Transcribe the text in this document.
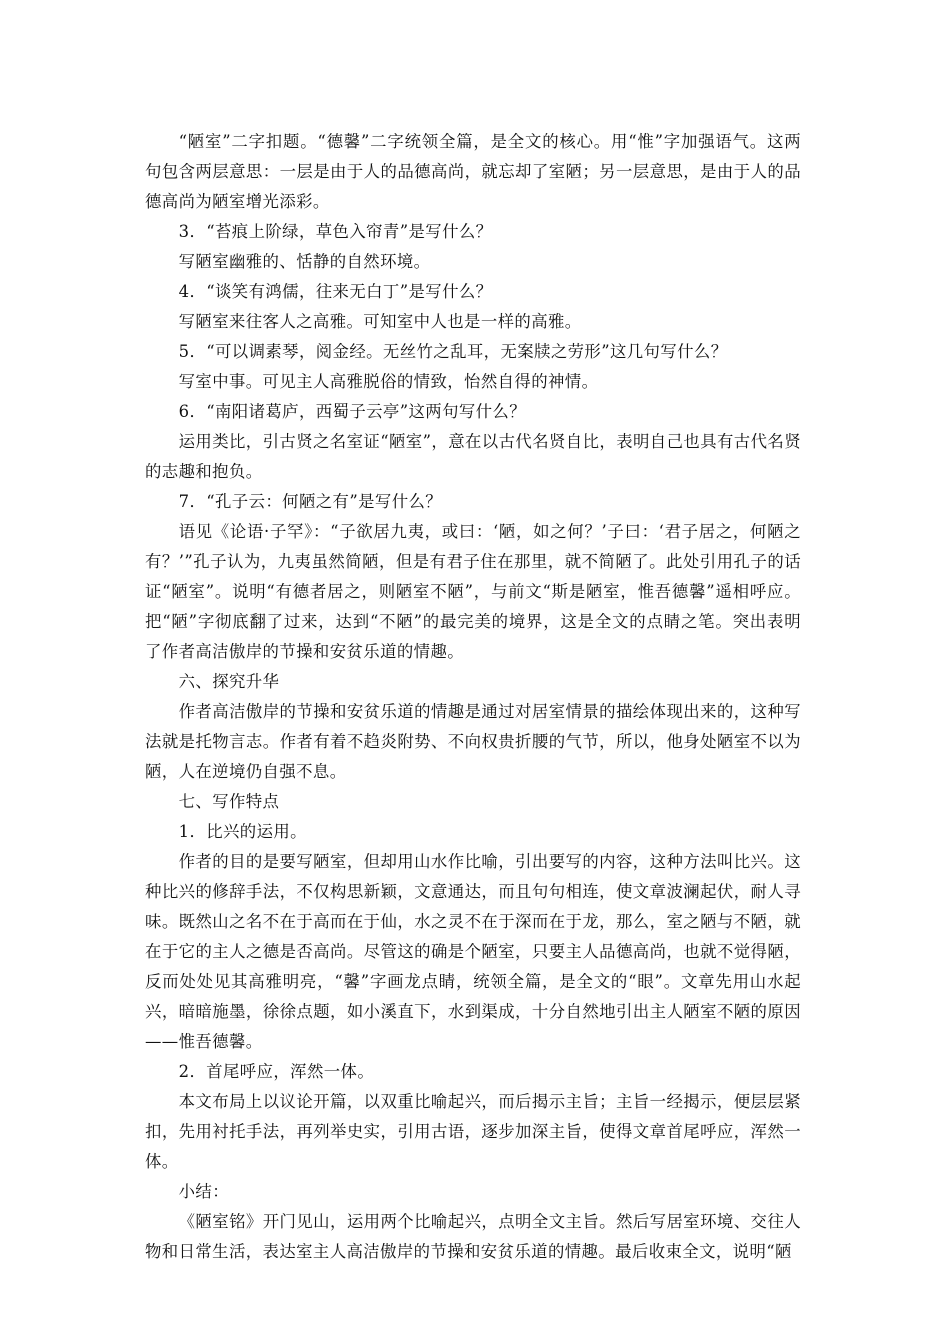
“陋室”二字扣题。“德馨”二字统领全篇，是全文的核心。用“惟”字加强语气。这两句包含两层意思：一层是由于人的品德高尚，就忘却了室陋；另一层意思，是由于人的品德高尚为陋室增光添彩。

3．“苔痕上阶绿，草色入帘青”是写什么？

写陋室幽雅的、恬静的自然环境。

4．“谈笑有鸿儒，往来无白丁”是写什么？

写陋室来往客人之高雅。可知室中人也是一样的高雅。

5．“可以调素琴，阅金经。无丝竹之乱耳，无案牍之劳形”这几句写什么？

写室中事。可见主人高雅脱俗的情致，怡然自得的神情。

6．“南阳诸葛庐，西蜀子云亭”这两句写什么？

运用类比，引古贤之名室证“陋室”，意在以古代名贤自比，表明自己也具有古代名贤的志趣和抱负。

7．“孔子云：何陋之有”是写什么？

语见《论语·子罕》：“子欲居九夷，或曰：‘陋，如之何？’子曰：‘君子居之，何陋之有？’”孔子认为，九夷虽然简陋，但是有君子住在那里，就不简陋了。此处引用孔子的话证“陋室”。说明“有德者居之，则陋室不陋”，与前文“斯是陋室，惟吾德馨”遥相呼应。把“陋”字彻底翻了过来，达到“不陋”的最完美的境界，这是全文的点睛之笔。突出表明了作者高洁傲岸的节操和安贫乐道的情趣。

六、探究升华

作者高洁傲岸的节操和安贫乐道的情趣是通过对居室情景的描绘体现出来的，这种写法就是托物言志。作者有着不趋炎附势、不向权贵折腰的气节，所以，他身处陋室不以为陋，人在逆境仍自强不息。

七、写作特点

1．比兴的运用。

作者的目的是要写陋室，但却用山水作比喻，引出要写的内容，这种方法叫比兴。这种比兴的修辞手法，不仅构思新颖，文意通达，而且句句相连，使文章波澜起伏，耐人寻味。既然山之名不在于高而在于仙，水之灵不在于深而在于龙，那么，室之陋与不陋，就在于它的主人之德是否高尚。尽管这的确是个陋室，只要主人品德高尚，也就不觉得陋，反而处处见其高雅明亮，“馨”字画龙点睛，统领全篇，是全文的“眼”。文章先用山水起兴，暗暗施墨，徐徐点题，如小溪直下，水到渠成，十分自然地引出主人陋室不陋的原因——惟吾德馨。

2．首尾呼应，浑然一体。

本文布局上以议论开篇，以双重比喻起兴，而后揭示主旨；主旨一经揭示，便层层紧扣，先用衬托手法，再列举史实，引用古语，逐步加深主旨，使得文章首尾呼应，浑然一体。

小结：

《陋室铭》开门见山，运用两个比喻起兴，点明全文主旨。然后写居室环境、交往人物和日常生活，表达室主人高洁傲岸的节操和安贫乐道的情趣。最后收束全文，说明“陋
